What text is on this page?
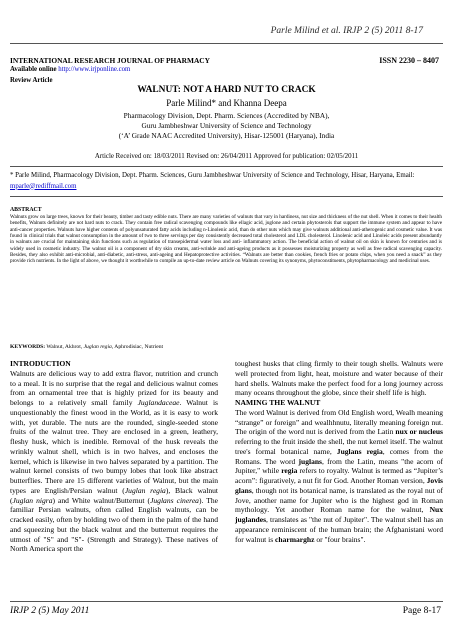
Parle Milind et al. IRJP 2 (5) 2011 8-17
INTERNATIONAL RESEARCH JOURNAL OF PHARMACY	ISSN 2230 – 8407
Available online http://www.irjponline.com
Review Article
WALNUT: NOT A HARD NUT TO CRACK
Parle Milind* and Khanna Deepa
Pharmacology Division, Dept. Pharm. Sciences (Accredited by NBA),
Guru Jambheshwar University of Science and Technology
(‘A’ Grade NAAC Accredited University), Hisar-125001 (Haryana), India
Article Received on: 18/03/2011 Revised on: 26/04/2011 Approved for publication: 02/05/2011
* Parle Milind, Pharmacology Division, Dept. Pharm. Sciences, Guru Jambheshwar University of Science and Technology, Hisar, Haryana, Email: mparle@rediffmail.com
ABSTRACT
Walnuts grow on large trees, known for their beauty, timber and tasty edible nuts. There are many varieties of walnuts that vary in hardiness, nut size and thickness of the nut shell. When it comes to their health benefits, Walnuts definitely are not hard nuts to crack. They contain free radical scavenging compounds like ellagic acid, juglone and certain phytosterols that support the immune system and appear to have anti-cancer properties. Walnuts have higher contents of polyunsaturated fatty acids including n-Linolenic acid, than do other nuts which may give walnuts additional anti-atherogenic and cosmetic value. It was found in clinical trials that walnut consumption in the amount of two to three servings per day consistently decreased total cholesterol and LDL cholesterol. Linolenic acid and Linoleic acids present abundantly in walnuts are crucial for maintaining skin functions such as regulation of transepidermal water loss and anti- inflammatory action. The beneficial action of walnut oil on skin is known for centuries and is widely used in cosmetic industry. The walnut oil is a component of dry skin creams, anti-wrinkle and anti-ageing products as it possesses moisturizing property as well as free radical scavenging capacity. Besides, they also exhibit anti-microbial, anti-diabetic, anti-stress, anti-ageing and Hepatoprotective activities. “Walnuts are better than cookies, french fries or potato chips, when you need a snack” as they provide rich nutrients. In the light of above, we thought it worthwhile to compile an up-to-date review article on Walnuts covering its synonyms, phytoconstituents, phytopharmacology and medicinal uses.
KEYWORDS: Walnut, Akhrot, Juglan regia, Aphrodisiac, Nutrient
INTRODUCTION

Walnuts are delicious way to add extra flavor, nutrition and crunch to a meal. It is no surprise that the regal and delicious walnut comes from an ornamental tree that is highly prized for its beauty and belongs to a relatively small family Juglandaceae. Walnut is unquestionably the finest wood in the World, as it is easy to work with, yet durable. The nuts are the rounded, single-seeded stone fruits of the walnut tree. They are enclosed in a green, leathery, fleshy husk, which is inedible. Removal of the husk reveals the wrinkly walnut shell, which is in two halves, and encloses the kernel, which is likewise in two halves separated by a partition. The walnut kernel consists of two bumpy lobes that look like abstract butterflies. There are 15 different varieties of Walnut, but the main types are English/Persian walnut (Juglan regia), Black walnut (Juglan nigra) and White walnut/Butternut (Juglans cinerea). The familiar Persian walnuts, often called English walnuts, can be cracked easily, often by holding two of them in the palm of the hand and squeezing but the black walnut and the butternut requires the utmost of "S" and "S"- (Strength and Strategy). These natives of North America sport the

toughest husks that cling firmly to their tough shells. Walnuts were well protected from light, heat, moisture and water because of their hard shells. Walnuts make the perfect food for a long journey across many oceans throughout the globe, since their shelf life is high.

NAMING THE WALNUT

The word Walnut is derived from Old English word, Wealh meaning “strange” or foreign” and wealhhnutu, literally meaning foreign nut. The origin of the word nut is derived from the Latin nux or nucleus referring to the fruit inside the shell, the nut kernel itself. The walnut tree's formal botanical name, Juglans regia, comes from the Romans. The word juglans, from the Latin, means "the acorn of Jupiter," while regia refers to royalty. Walnut is termed as “Jupiter’s acorn”: figuratively, a nut fit for God. Another Roman version, Jovis glans, though not its botanical name, is translated as the royal nut of Jove, another name for Jupiter who is the highest god in Roman mythology. Yet another Roman name for the walnut, Nux juglandes, translates as "the nut of Jupiter". The walnut shell has an appearance reminiscent of the human brain; the Afghanistani word for walnut is charmarghz or "four brains".

IRJP 2 (5) May 2011	Page 8-17
